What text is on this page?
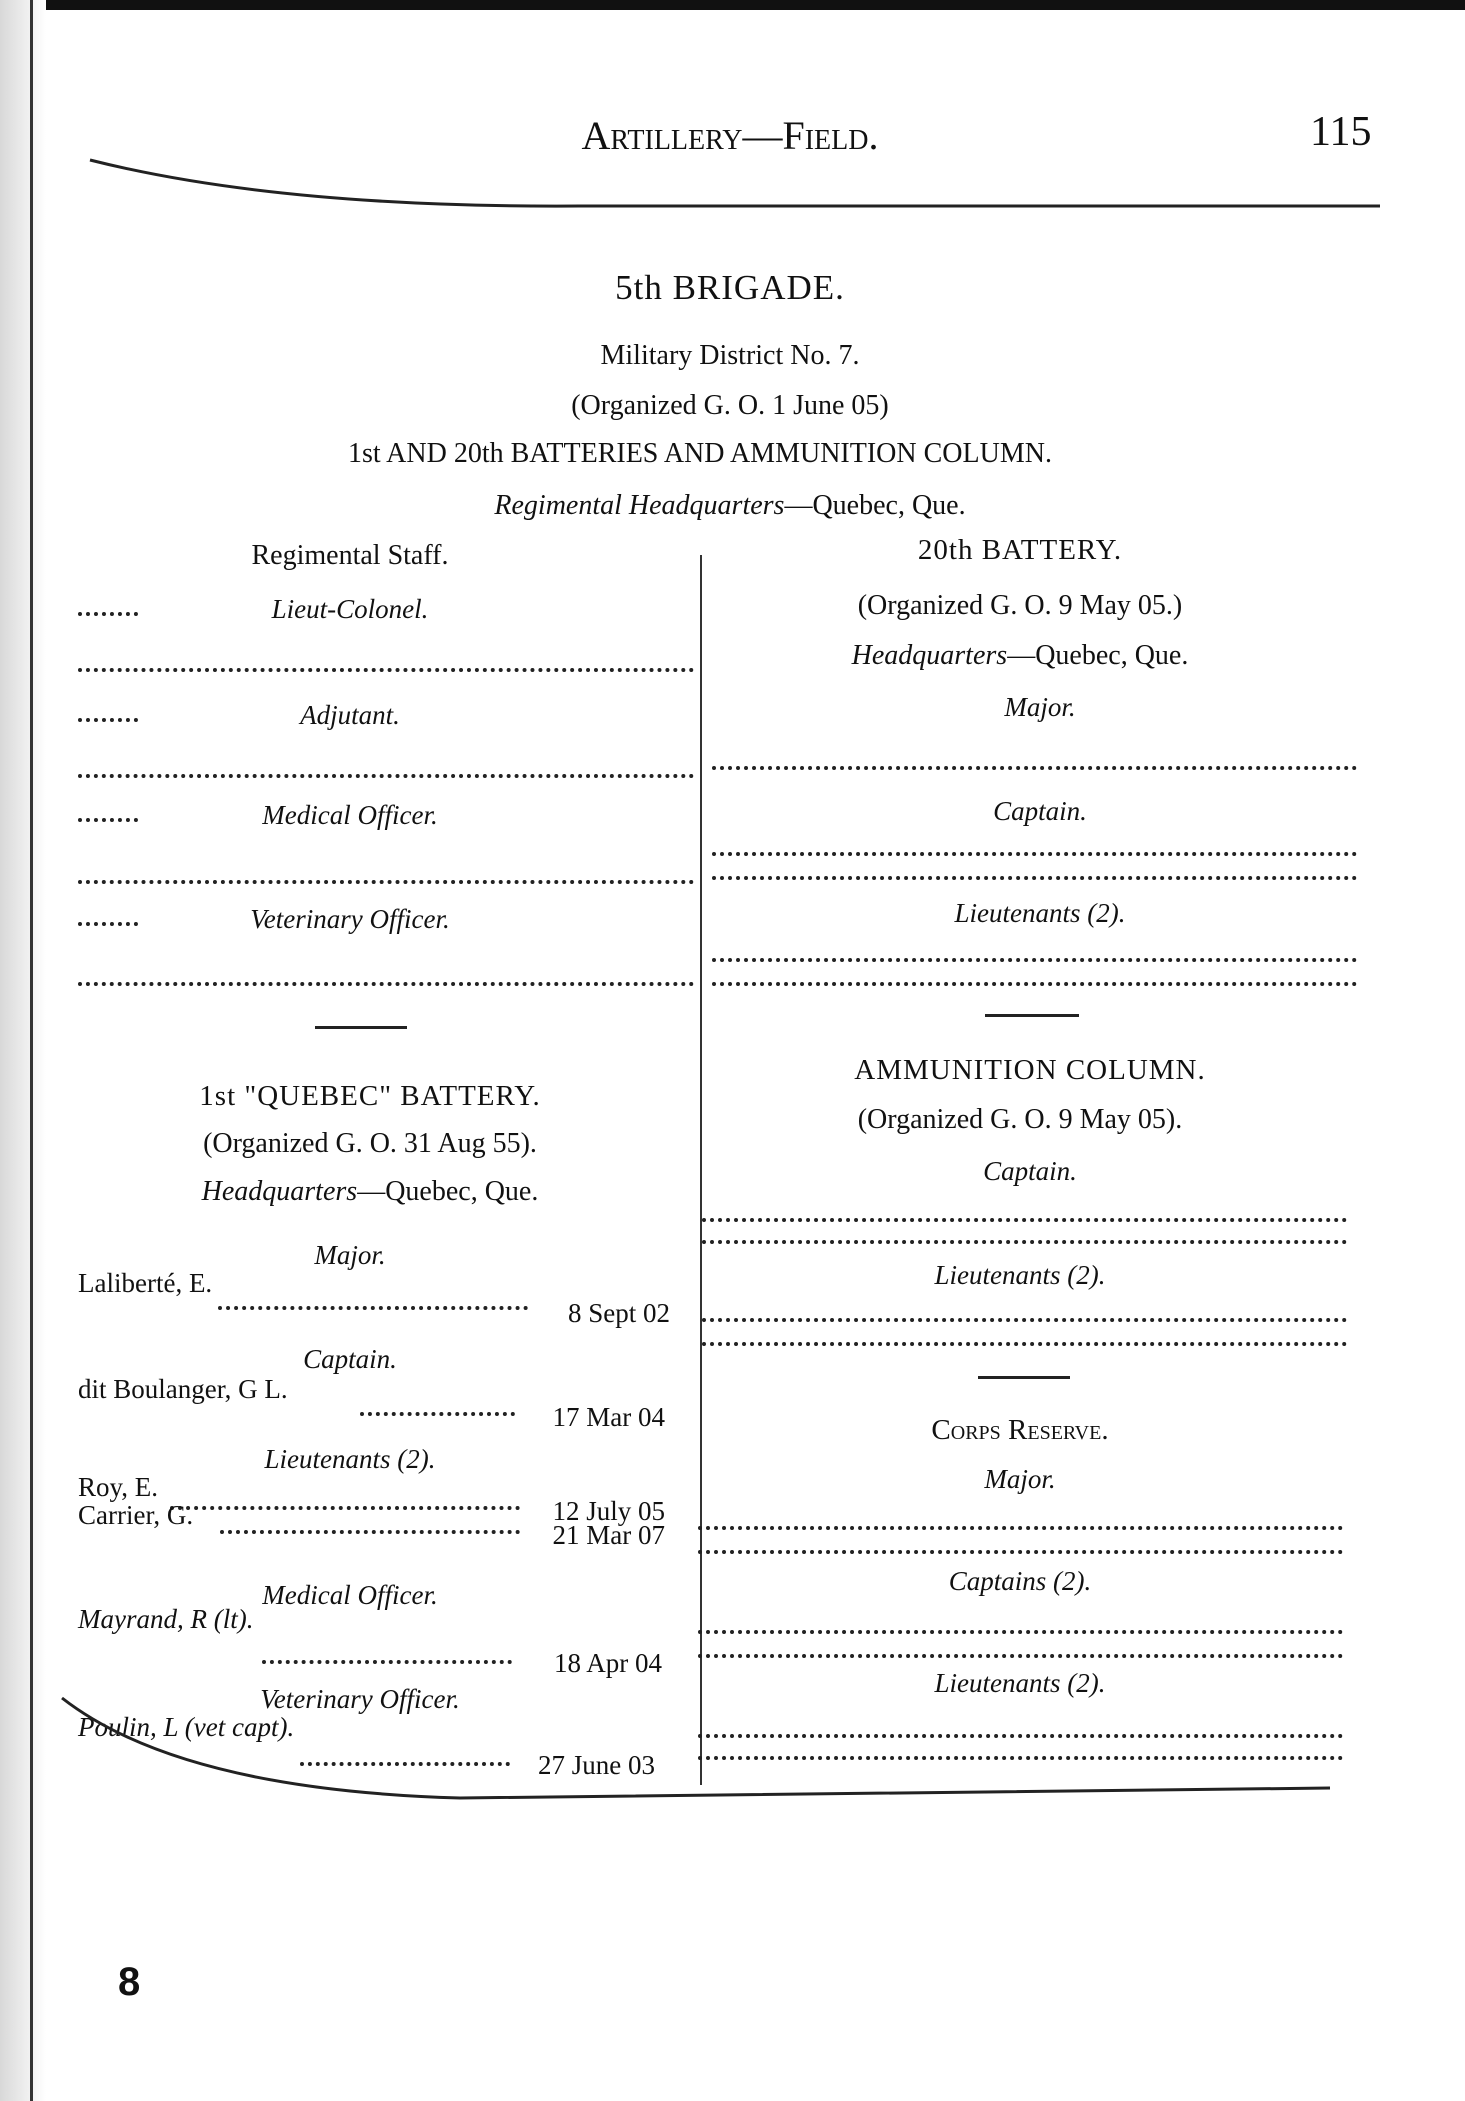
Artillery—Field.	115
5th BRIGADE.
Military District No. 7.
(Organized G. O. 1 June 05)
1st AND 20th BATTERIES AND AMMUNITION COLUMN.
Regimental Headquarters—Quebec, Que.
Regimental Staff.
Lieut-Colonel.
Adjutant.
Medical Officer.
Veterinary Officer.
1st "QUEBEC" BATTERY.
(Organized G. O. 31 Aug 55).
Headquarters—Quebec, Que.
Major.
Laliberté, E.
8 Sept 02
Captain.
dit Boulanger, G L.
17 Mar 04
Lieutenants (2).
Roy, E.
12 July 05
Carrier, G.
21 Mar 07
Medical Officer.
Mayrand, R (lt).
18 Apr 04
Veterinary Officer.
Poulin, L (vet capt).
27 June 03
20th BATTERY.
(Organized G. O. 9 May 05.)
Headquarters—Quebec, Que.
Major.
Captain.
Lieutenants (2).
AMMUNITION COLUMN.
(Organized G. O. 9 May 05).
Captain.
Lieutenants (2).
Corps Reserve.
Major.
Captains (2).
Lieutenants (2).
8
